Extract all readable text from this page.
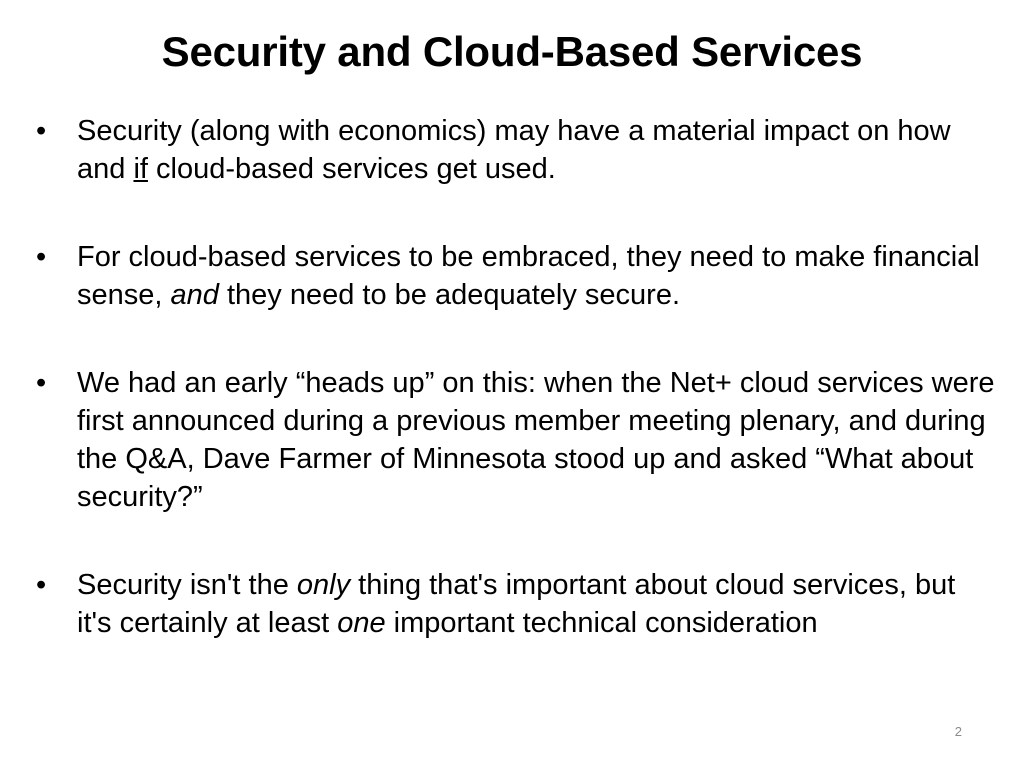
Security and Cloud-Based Services
•	Security (along with economics) may have a material impact on how and if cloud-based services get used.
•	For cloud-based services to be embraced, they need to make financial sense, and they need to be adequately secure.
•	We had an early “heads up” on this: when the Net+ cloud services were first announced during a previous member meeting plenary, and during the Q&A, Dave Farmer of Minnesota stood up and asked “What about security?”
•	Security isn't the only thing that's important about cloud services, but it's certainly at least one important technical consideration
2
